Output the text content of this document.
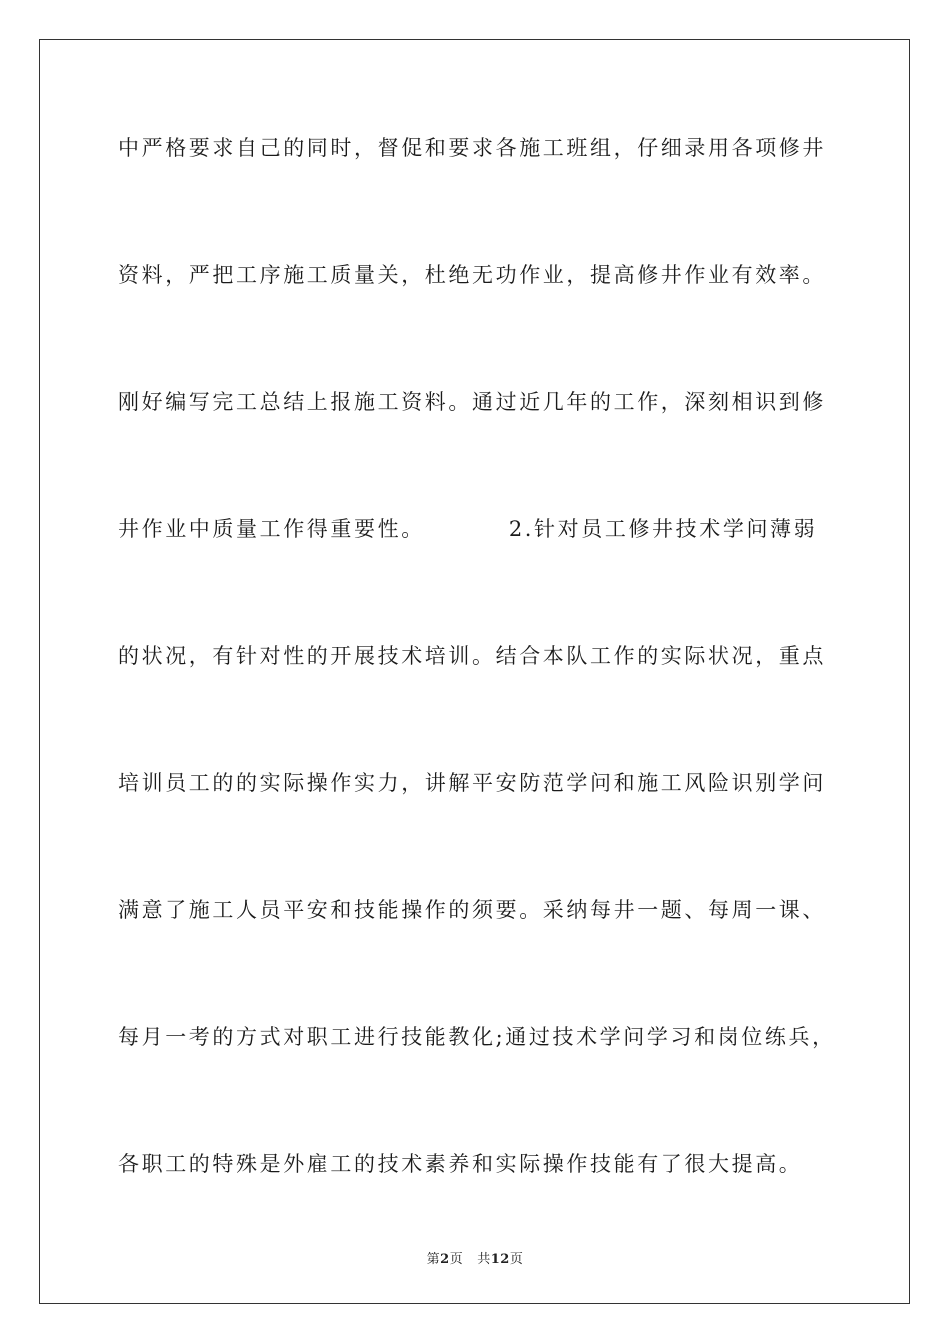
中严格要求自己的同时，督促和要求各施工班组，仔细录用各项修井
资料，严把工序施工质量关，杜绝无功作业，提高修井作业有效率。
刚好编写完工总结上报施工资料。通过近几年的工作，深刻相识到修
井作业中质量工作得重要性。	2.针对员工修井技术学问薄弱
的状况，有针对性的开展技术培训。结合本队工作的实际状况，重点
培训员工的的实际操作实力，讲解平安防范学问和施工风险识别学问
满意了施工人员平安和技能操作的须要。采纳每井一题、每周一课、
每月一考的方式对职工进行技能教化;通过技术学问学习和岗位练兵，
各职工的特殊是外雇工的技术素养和实际操作技能有了很大提高。
第2页 共12页
